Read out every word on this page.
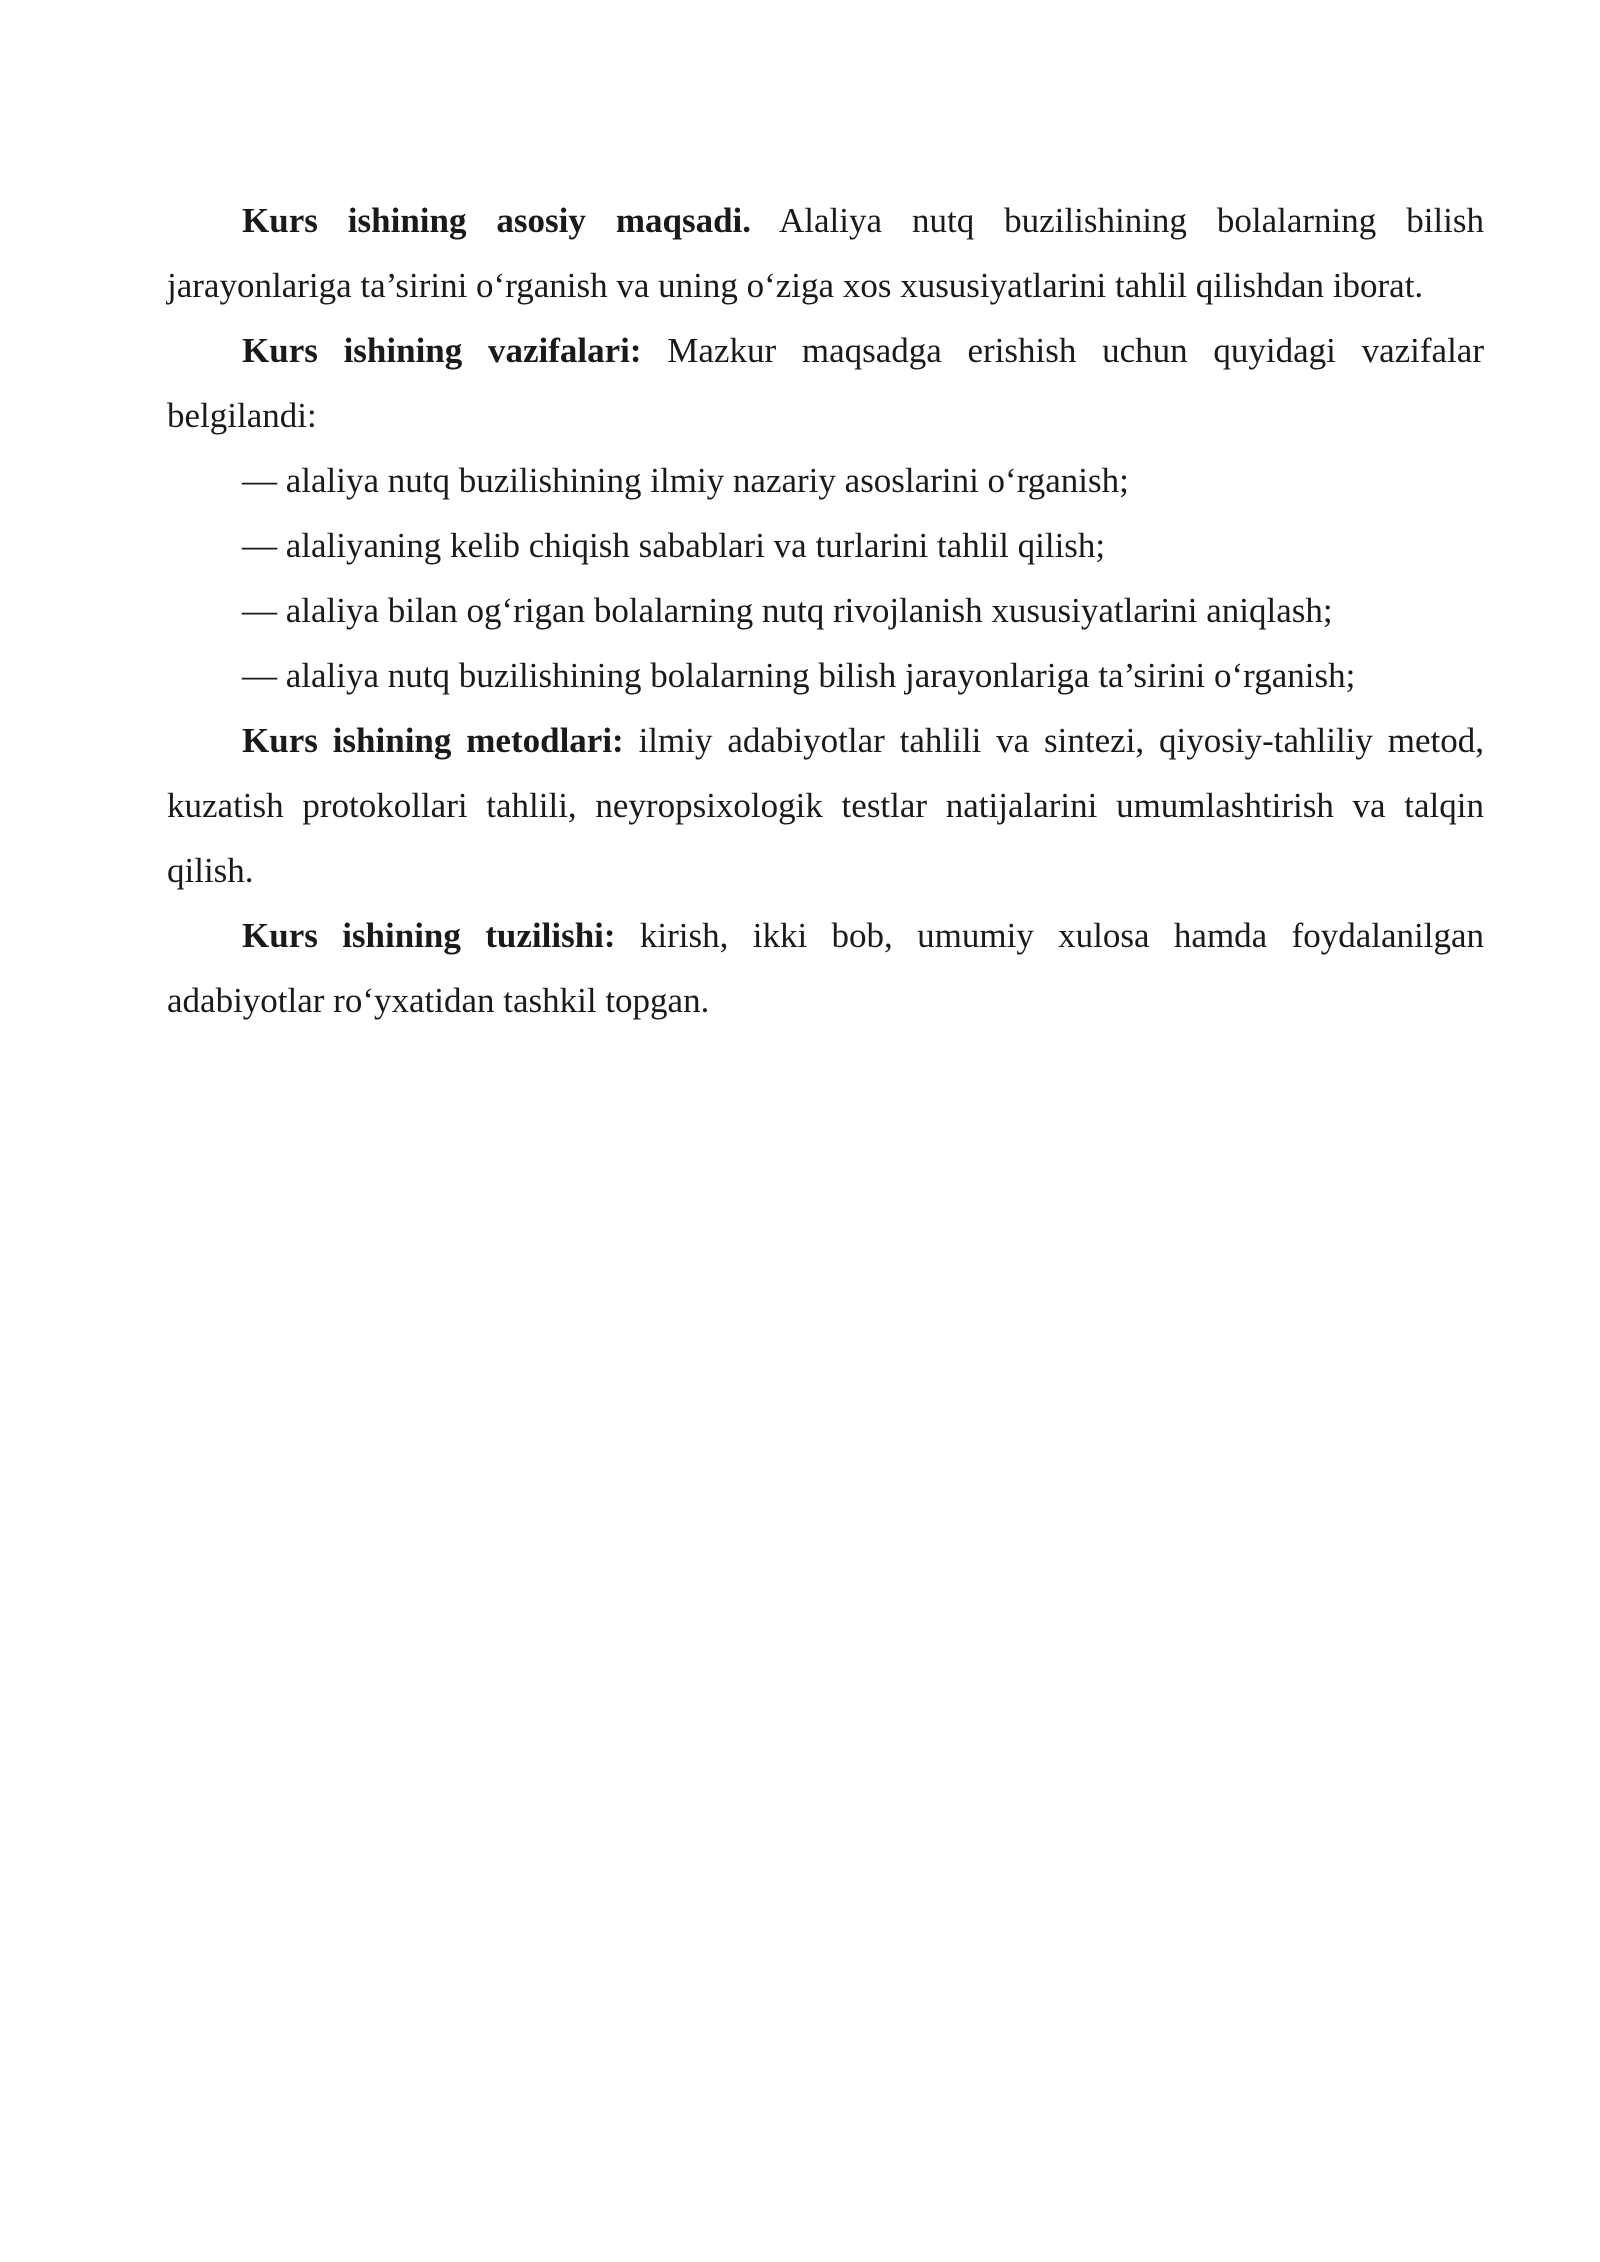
Kurs ishining asosiy maqsadi. Alaliya nutq buzilishining bolalarning bilish jarayonlariga ta’sirini o‘rganish va uning o‘ziga xos xususiyatlarini tahlil qilishdan iborat.

Kurs ishining vazifalari: Mazkur maqsadga erishish uchun quyidagi vazifalar belgilandi:

— alaliya nutq buzilishining ilmiy nazariy asoslarini o‘rganish;

— alaliyaning kelib chiqish sabablari va turlarini tahlil qilish;

— alaliya bilan og‘rigan bolalarning nutq rivojlanish xususiyatlarini aniqlash;

— alaliya nutq buzilishining bolalarning bilish jarayonlariga ta’sirini o‘rganish;

Kurs ishining metodlari: ilmiy adabiyotlar tahlili va sintezi, qiyosiy-tahliliy metod, kuzatish protokollari tahlili, neyropsixologik testlar natijalarini umumlashtirish va talqin qilish.

Kurs ishining tuzilishi: kirish, ikki bob, umumiy xulosa hamda foydalanilgan adabiyotlar ro‘yxatidan tashkil topgan.
